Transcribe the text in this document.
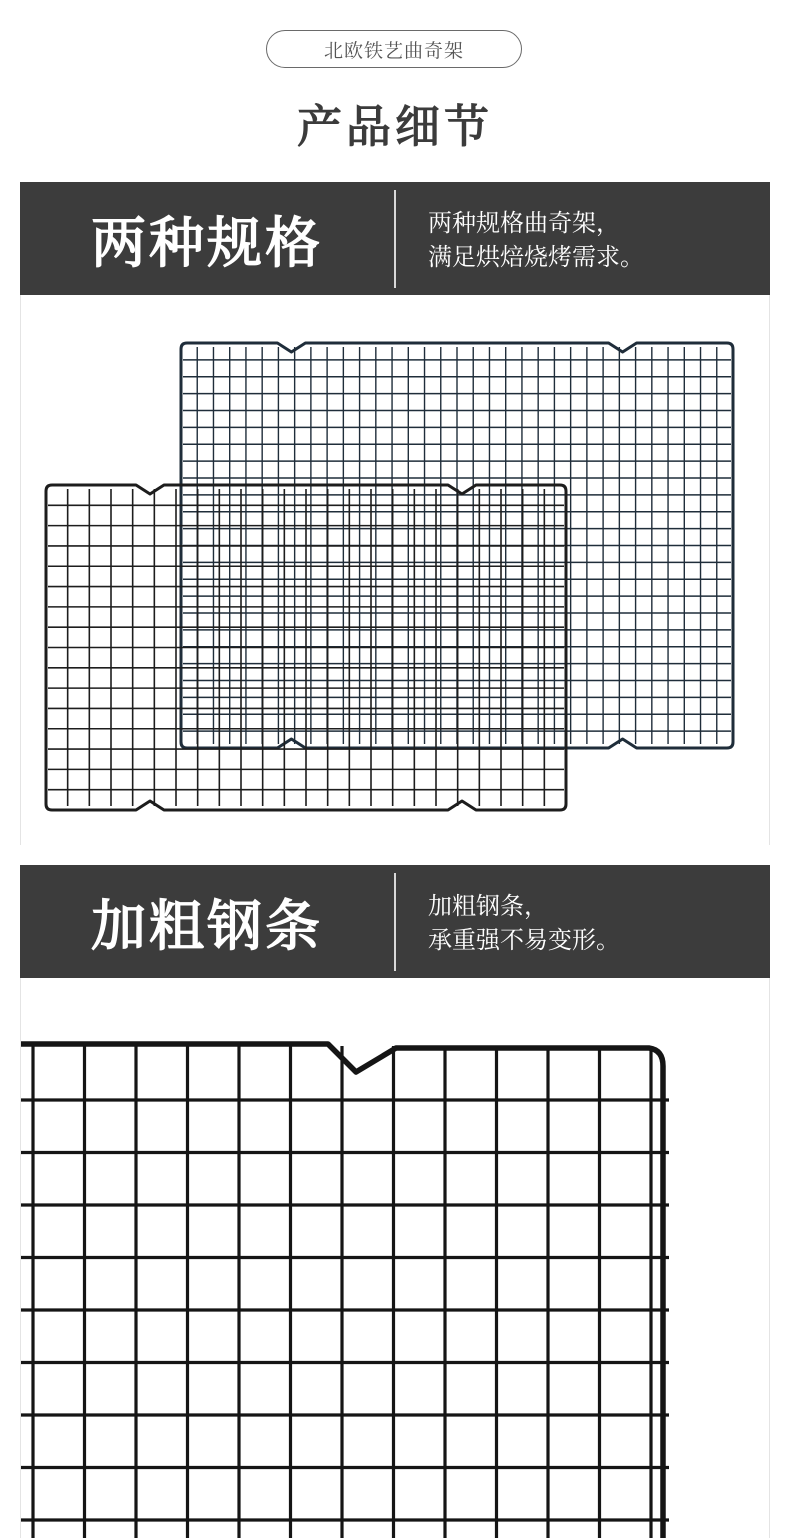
北欧铁艺曲奇架
产品细节
两种规格	两种规格曲奇架，
满足烘焙烧烤需求。
加粗钢条	加粗钢条，
承重强不易变形。
